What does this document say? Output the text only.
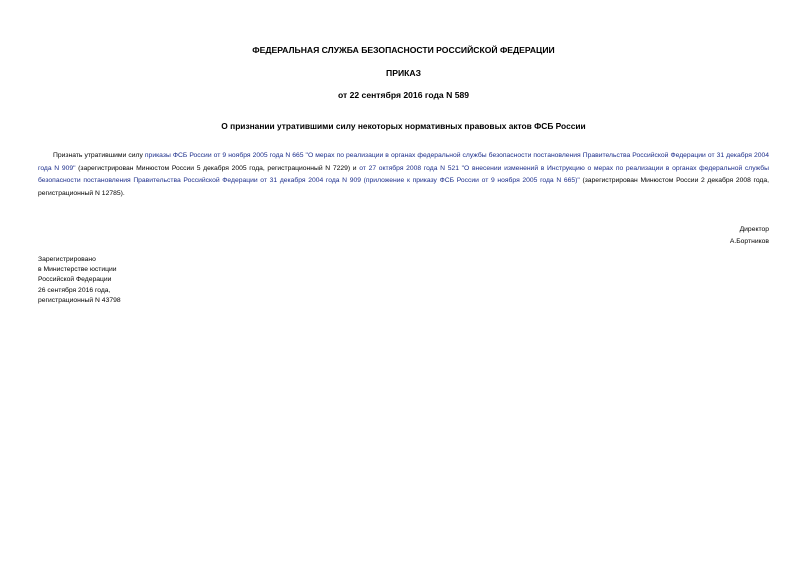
ФЕДЕРАЛЬНАЯ СЛУЖБА БЕЗОПАСНОСТИ РОССИЙСКОЙ ФЕДЕРАЦИИ

ПРИКАЗ

от 22 сентября 2016 года N 589

О признании утратившими силу некоторых нормативных правовых актов ФСБ России

Признать утратившими силу приказы ФСБ России от 9 ноября 2005 года N 665 "О мерах по реализации в органах федеральной службы безопасности постановления Правительства Российской Федерации от 31 декабря 2004 года N 909" (зарегистрирован Минюстом России 5 декабря 2005 года, регистрационный N 7229) и от 27 октября 2008 года N 521 "О внесении изменений в Инструкцию о мерах по реализации в органах федеральной службы безопасности постановления Правительства Российской Федерации от 31 декабря 2004 года N 909 (приложение к приказу ФСБ России от 9 ноября 2005 года N 665)" (зарегистрирован Минюстом России 2 декабря 2008 года, регистрационный N 12785).

Директор
А.Бортников
Зарегистрировано
в Министерстве юстиции
Российской Федерации
26 сентября 2016 года,
регистрационный N 43798
